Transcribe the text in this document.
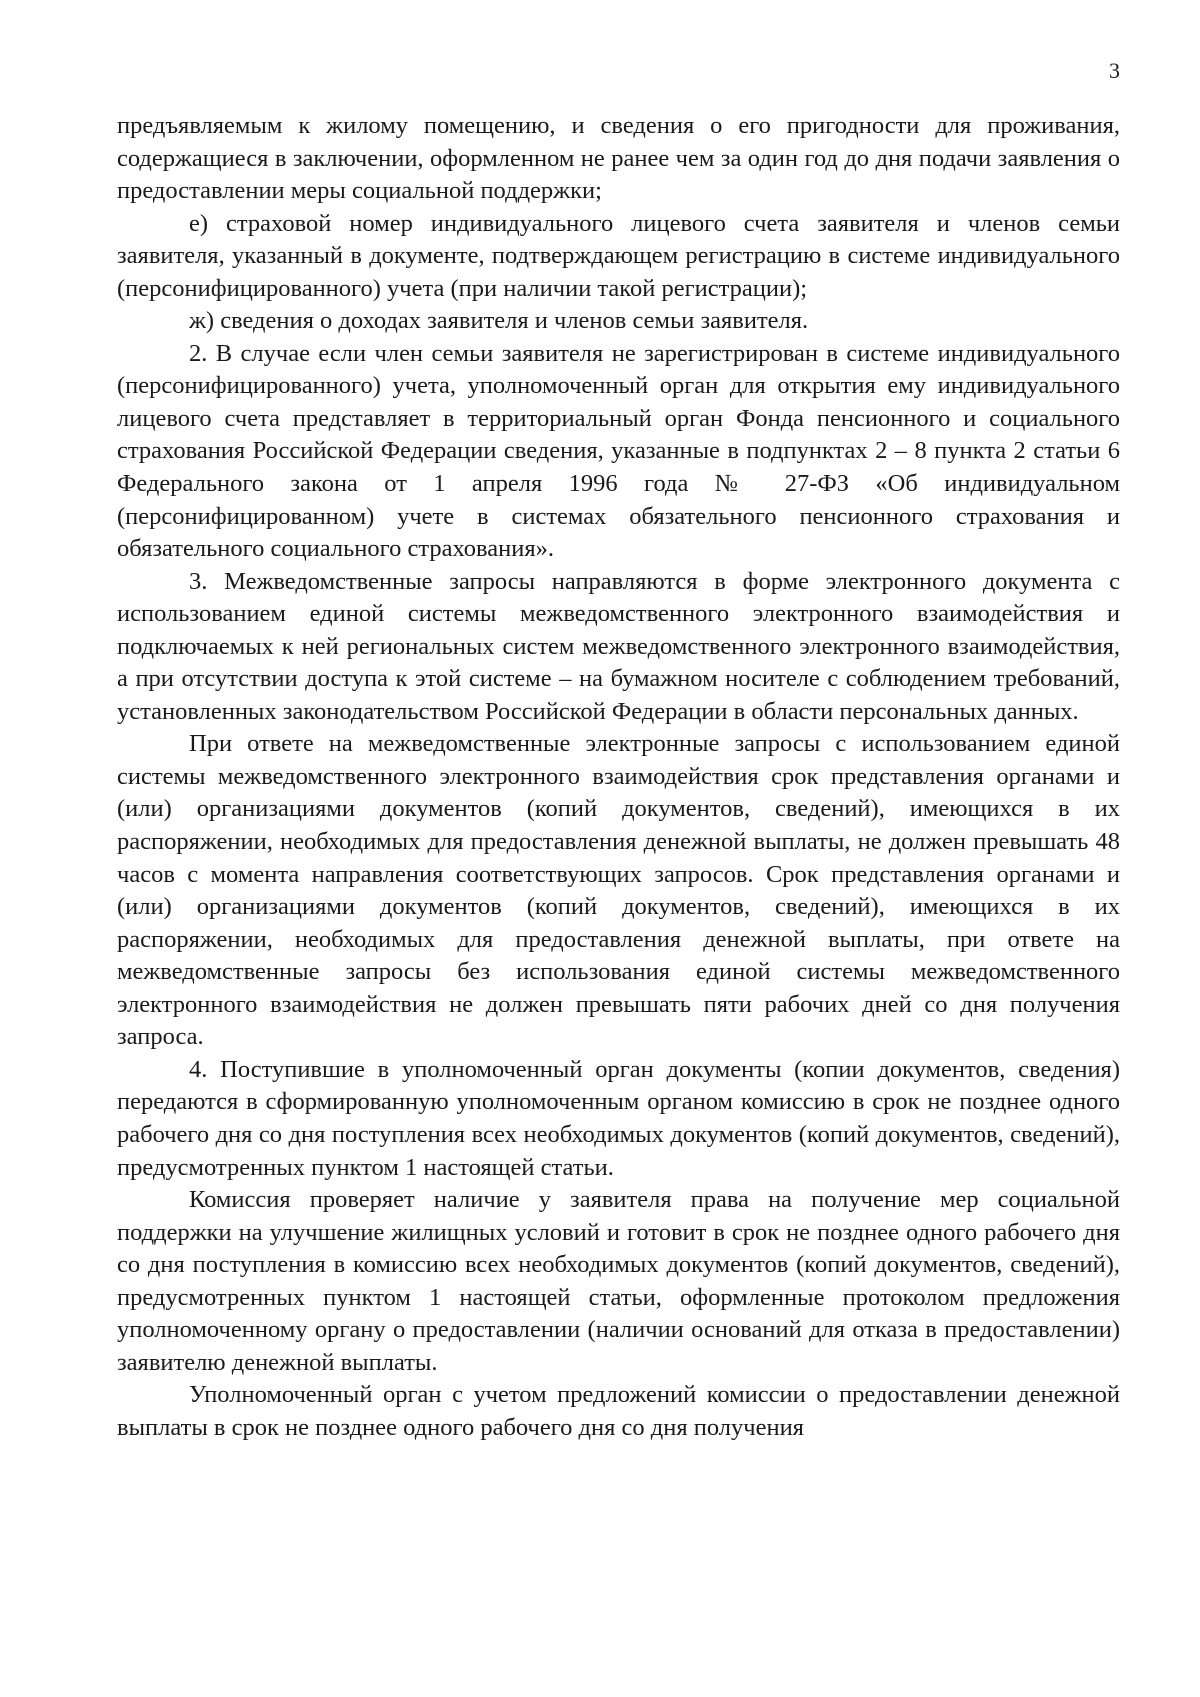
3

предъявляемым к жилому помещению, и сведения о его пригодности для проживания, содержащиеся в заключении, оформленном не ранее чем за один год до дня подачи заявления о предоставлении меры социальной поддержки;

е) страховой номер индивидуального лицевого счета заявителя и членов семьи заявителя, указанный в документе, подтверждающем регистрацию в системе индивидуального (персонифицированного) учета (при наличии такой регистрации);

ж) сведения о доходах заявителя и членов семьи заявителя.

2. В случае если член семьи заявителя не зарегистрирован в системе индивидуального (персонифицированного) учета, уполномоченный орган для открытия ему индивидуального лицевого счета представляет в территориальный орган Фонда пенсионного и социального страхования Российской Федерации сведения, указанные в подпунктах 2 – 8 пункта 2 статьи 6 Федерального закона от 1 апреля 1996 года № 27-ФЗ «Об индивидуальном (персонифицированном) учете в системах обязательного пенсионного страхования и обязательного социального страхования».

3. Межведомственные запросы направляются в форме электронного документа с использованием единой системы межведомственного электронного взаимодействия и подключаемых к ней региональных систем межведомственного электронного взаимодействия, а при отсутствии доступа к этой системе – на бумажном носителе с соблюдением требований, установленных законодательством Российской Федерации в области персональных данных.

При ответе на межведомственные электронные запросы с использованием единой системы межведомственного электронного взаимодействия срок представления органами и (или) организациями документов (копий документов, сведений), имеющихся в их распоряжении, необходимых для предоставления денежной выплаты, не должен превышать 48 часов с момента направления соответствующих запросов. Срок представления органами и (или) организациями документов (копий документов, сведений), имеющихся в их распоряжении, необходимых для предоставления денежной выплаты, при ответе на межведомственные запросы без использования единой системы межведомственного электронного взаимодействия не должен превышать пяти рабочих дней со дня получения запроса.

4. Поступившие в уполномоченный орган документы (копии документов, сведения) передаются в сформированную уполномоченным органом комиссию в срок не позднее одного рабочего дня со дня поступления всех необходимых документов (копий документов, сведений), предусмотренных пунктом 1 настоящей статьи.

Комиссия проверяет наличие у заявителя права на получение мер социальной поддержки на улучшение жилищных условий и готовит в срок не позднее одного рабочего дня со дня поступления в комиссию всех необходимых документов (копий документов, сведений), предусмотренных пунктом 1 настоящей статьи, оформленные протоколом предложения уполномоченному органу о предоставлении (наличии оснований для отказа в предоставлении) заявителю денежной выплаты.

Уполномоченный орган с учетом предложений комиссии о предоставлении денежной выплаты в срок не позднее одного рабочего дня со дня получения
